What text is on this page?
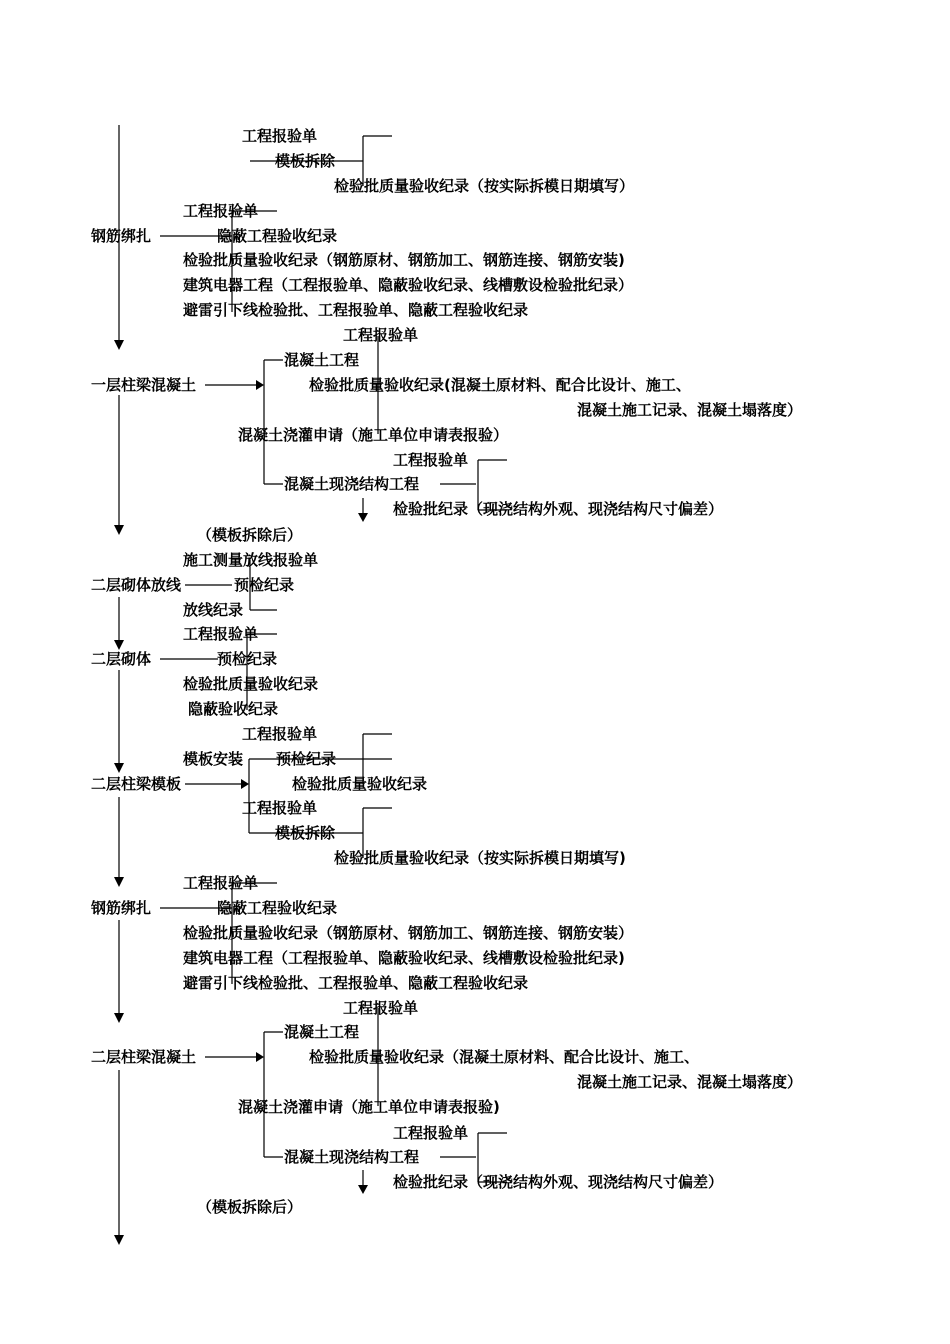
工程报验单
模板拆除
检验批质量验收纪录（按实际拆模日期填写）
工程报验单
钢筋绑扎	隐蔽工程验收纪录
检验批质量验收纪录（钢筋原材、钢筋加工、钢筋连接、钢筋安装)
建筑电器工程（工程报验单、隐蔽验收纪录、线槽敷设检验批纪录）
避雷引下线检验批、工程报验单、隐蔽工程验收纪录
工程报验单
混凝土工程
一层柱梁混凝土	检验批质量验收纪录(混凝土原材料、配合比设计、施工、
混凝土施工记录、混凝土塌落度）
混凝土浇灌申请（施工单位申请表报验）
工程报验单
混凝土现浇结构工程
检验批纪录（现浇结构外观、现浇结构尺寸偏差）
（模板拆除后）
施工测量放线报验单
二层砌体放线	预检纪录
放线纪录
工程报验单
二层砌体	预检纪录
检验批质量验收纪录
隐蔽验收纪录
工程报验单
模板安装 预检纪录
二层柱梁模板	检验批质量验收纪录
工程报验单
模板拆除
检验批质量验收纪录（按实际拆模日期填写)
工程报验单
钢筋绑扎	隐蔽工程验收纪录
检验批质量验收纪录（钢筋原材、钢筋加工、钢筋连接、钢筋安装）
建筑电器工程（工程报验单、隐蔽验收纪录、线槽敷设检验批纪录)
避雷引下线检验批、工程报验单、隐蔽工程验收纪录
工程报验单
混凝土工程
二层柱梁混凝土	检验批质量验收纪录（混凝土原材料、配合比设计、施工、
混凝土施工记录、混凝土塌落度）
混凝土浇灌申请（施工单位申请表报验)
工程报验单
混凝土现浇结构工程
检验批纪录（现浇结构外观、现浇结构尺寸偏差）
（模板拆除后）
